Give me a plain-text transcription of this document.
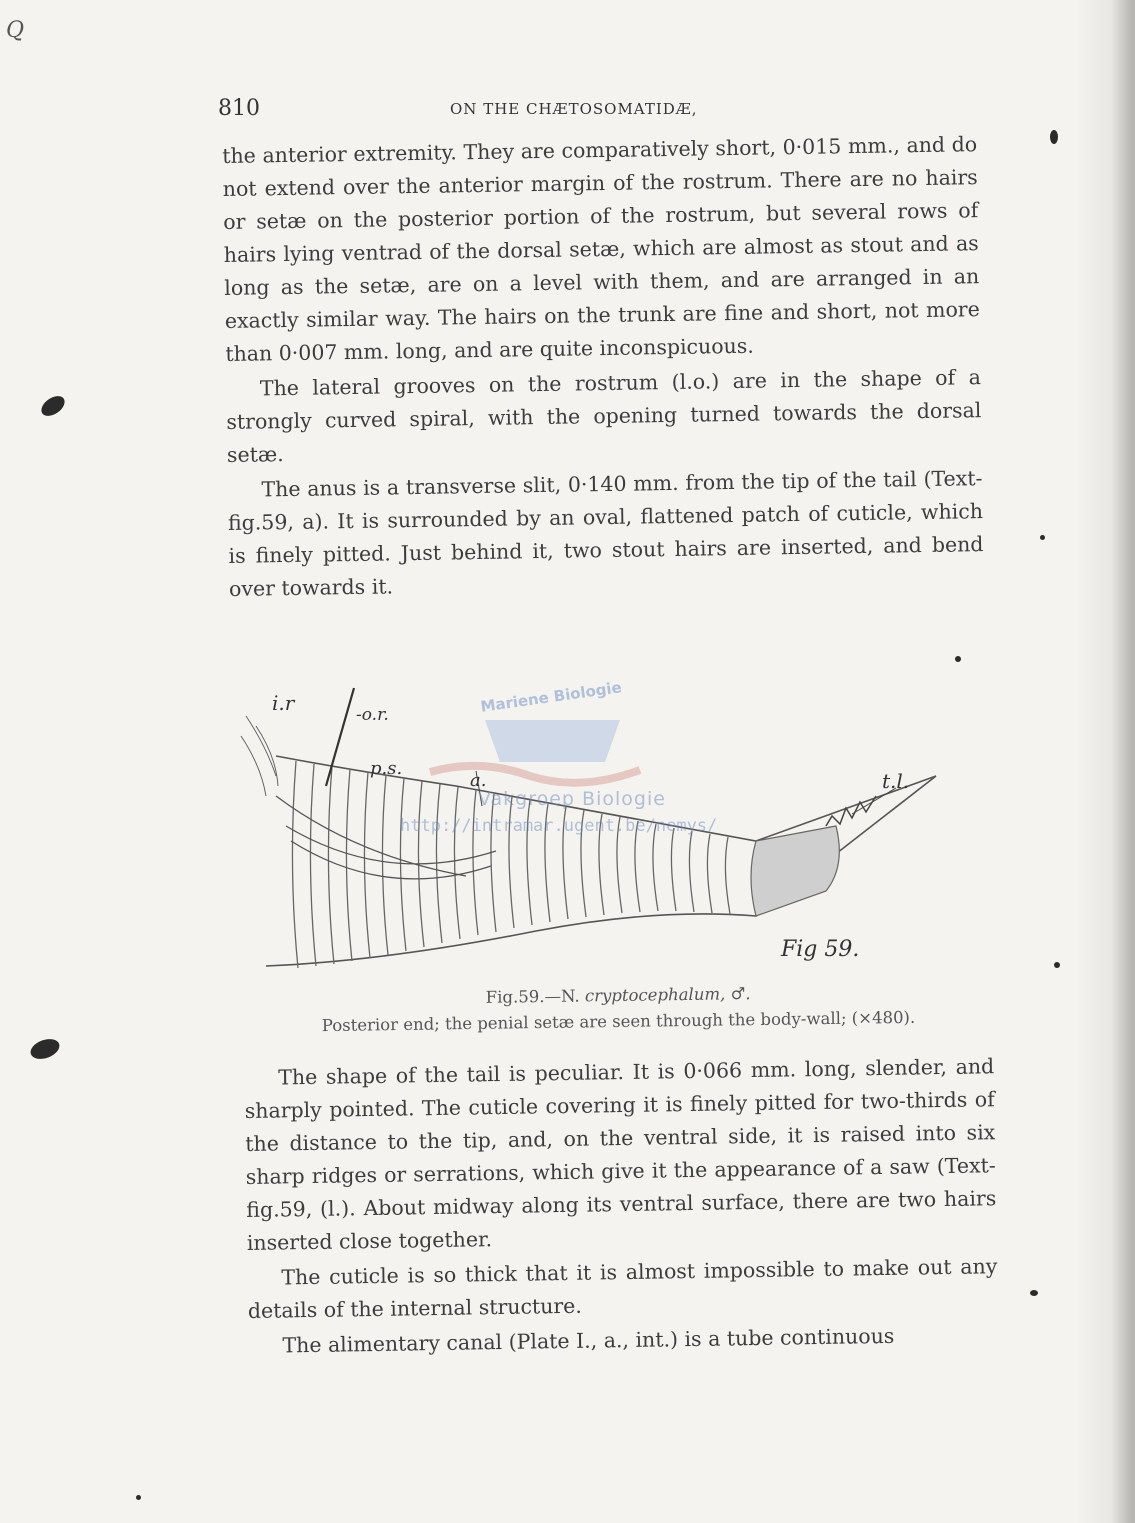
Q
810	ON THE CHÆTOSOMATIDÆ,

the anterior extremity. They are comparatively short, 0·015 mm., and do not extend over the anterior margin of the rostrum. There are no hairs or setæ on the posterior portion of the rostrum, but several rows of hairs lying ventrad of the dorsal setæ, which are almost as stout and as long as the setæ, are on a level with them, and are arranged in an exactly similar way. The hairs on the trunk are fine and short, not more than 0·007 mm. long, and are quite inconspicuous.

The lateral grooves on the rostrum (l.o.) are in the shape of a strongly curved spiral, with the opening turned towards the dorsal setæ.

The anus is a transverse slit, 0·140 mm. from the tip of the tail (Text-fig.59, a). It is surrounded by an oval, flattened patch of cuticle, which is finely pitted. Just behind it, two stout hairs are inserted, and bend over towards it.

i.r	-o.r.
p.s.
a.	t.l.
Fig 59.
Mariene Biologie
Vakgroep Biologie
http://intramar.ugent.be/nemys/
Fig.59.—N. cryptocephalum, ♂.
Posterior end; the penial setæ are seen through the body-wall; (×480).

The shape of the tail is peculiar. It is 0·066 mm. long, slender, and sharply pointed. The cuticle covering it is finely pitted for two-thirds of the distance to the tip, and, on the ventral side, it is raised into six sharp ridges or serrations, which give it the appearance of a saw (Text-fig.59, (l.). About midway along its ventral surface, there are two hairs inserted close together.

The cuticle is so thick that it is almost impossible to make out any details of the internal structure.

The alimentary canal (Plate I., a., int.) is a tube continuous
